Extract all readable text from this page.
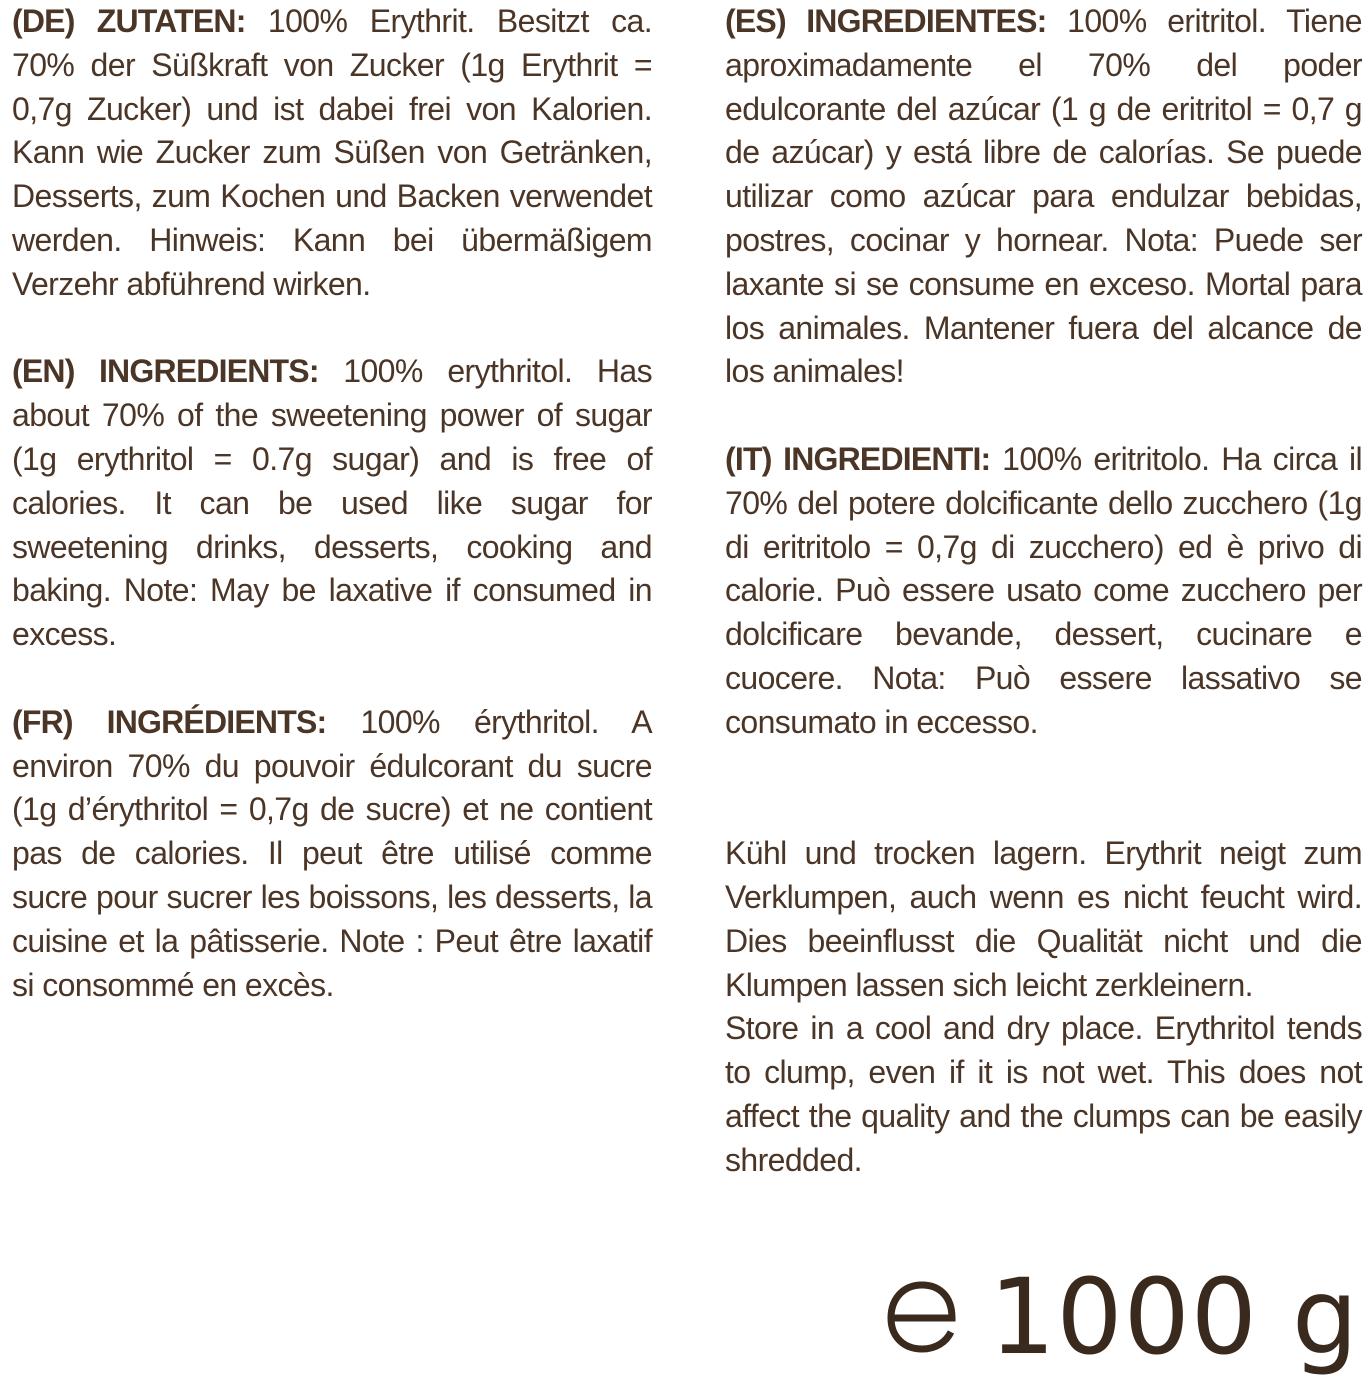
(DE) ZUTATEN: 100% Erythrit. Besitzt ca. 70% der Süßkraft von Zucker (1g Erythrit = 0,7g Zucker) und ist dabei frei von Kalorien. Kann wie Zucker zum Süßen von Getränken, Desserts, zum Kochen und Backen verwendet werden. Hinweis: Kann bei übermäßigem Verzehr abführend wirken.

(EN) INGREDIENTS: 100% erythritol. Has about 70% of the sweetening power of sugar (1g erythritol = 0.7g sugar) and is free of calories. It can be used like sugar for sweetening drinks, desserts, cooking and baking. Note: May be laxative if consumed in excess.

(FR) INGRÉDIENTS: 100% érythritol. A environ 70% du pouvoir édulcorant du sucre (1g d’érythritol = 0,7g de sucre) et ne contient pas de calories. Il peut être utilisé comme sucre pour sucrer les boissons, les desserts, la cuisine et la pâtisserie. Note : Peut être laxatif si consommé en excès.

(ES) INGREDIENTES: 100% eritritol. Tiene aproximadamente el 70% del poder edulcorante del azúcar (1 g de eritritol = 0,7 g de azúcar) y está libre de calorías. Se puede utilizar como azúcar para endulzar bebidas, postres, cocinar y hornear. Nota: Puede ser laxante si se consume en exceso. Mortal para los animales. Mantener fuera del alcance de los animales!

(IT) INGREDIENTI: 100% eritritolo. Ha circa il 70% del potere dolcificante dello zucchero (1g di eritritolo = 0,7g di zucchero) ed è privo di calorie. Può essere usato come zucchero per dolcificare bevande, dessert, cucinare e cuocere. Nota: Può essere lassativo se consumato in eccesso.

Kühl und trocken lagern. Erythrit neigt zum Verklumpen, auch wenn es nicht feucht wird. Dies beeinflusst die Qualität nicht und die Klumpen lassen sich leicht zerkleinern.

Store in a cool and dry place. Erythritol tends to clump, even if it is not wet. This does not affect the quality and the clumps can be easily shredded.

1000 g
